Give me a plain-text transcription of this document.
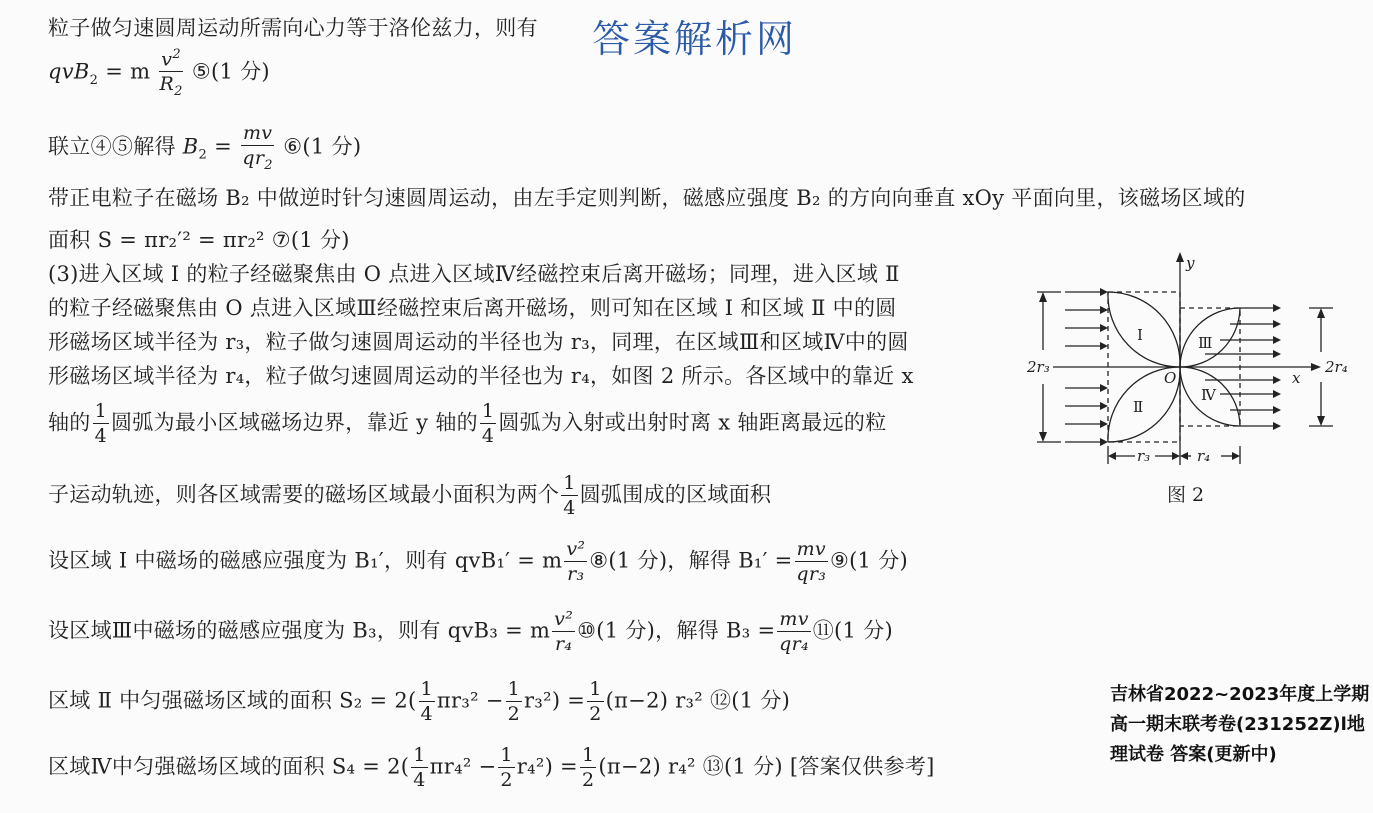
答案解析网
粒子做匀速圆周运动所需向心力等于洛伦兹力，则有
qvB$_2$ = m $\frac{v^2}{R_2}$ ⑤(1 分)
联立④⑤解得 $B_2 = \frac{mv}{qr_2}$ ⑥(1 分)
带正电粒子在磁场 B₂ 中做逆时针匀速圆周运动，由左手定则判断，磁感应强度 B₂ 的方向向垂直 xOy 平面向里，该磁场区域的
面积 S = πr₂′² = πr₂² ⑦(1 分)
(3)进入区域 Ⅰ 的粒子经磁聚焦由 O 点进入区域Ⅳ经磁控束后离开磁场；同理，进入区域 Ⅱ
的粒子经磁聚焦由 O 点进入区域Ⅲ经磁控束后离开磁场，则可知在区域 Ⅰ 和区域 Ⅱ 中的圆
形磁场区域半径为 r₃，粒子做匀速圆周运动的半径也为 r₃，同理，在区域Ⅲ和区域Ⅳ中的圆
形磁场区域半径为 r₄，粒子做匀速圆周运动的半径也为 r₄，如图 2 所示。各区域中的靠近 x
轴的 $\frac{1}{4}$ 圆弧为最小区域磁场边界，靠近 y 轴的 $\frac{1}{4}$ 圆弧为入射或出射时离 x 轴距离最远的粒
子运动轨迹，则各区域需要的磁场区域最小面积为两个 $\frac{1}{4}$ 圆弧围成的区域面积
设区域 Ⅰ 中磁场的磁感应强度为 B₁′，则有 qvB₁′ = m $\frac{\text{v²}}{\text{r₃}}$ ⑧(1 分)，解得 $B_1' = \frac{mv}{\text{qr₃}}$ ⑨(1 分)
设区域Ⅲ中磁场的磁感应强度为 B₃，则有 qvB₃ = m $\frac{\text{v²}}{\text{r₄}}$ ⑩(1 分)，解得 $B_3 = \frac{mv}{\text{qr₄}}$ ⑪(1 分)
区域 Ⅱ 中匀强磁场区域的面积 $S_2 = 2( \frac{1}{4} \pi r_3^2 - \frac{1}{2} r_3^2) = \frac{1}{2} (\pi-2)$ r₃² ⑫(1 分)
区域Ⅳ中匀强磁场区域的面积 $S_4 = 2( \frac{1}{4} \pi r_4^2 - \frac{1}{2} r_4^2) = \frac{1}{2} (\pi-2)$ r₄² ⑬(1 分) [答案仅供参考]
y
x
O
Ⅰ
Ⅱ
Ⅲ
Ⅳ
2r₃	2r₄
r₃	r₄
图 2
吉林省2022~2023年度上学期高一期末联考卷(231252Z)l地理试卷 答案(更新中)
